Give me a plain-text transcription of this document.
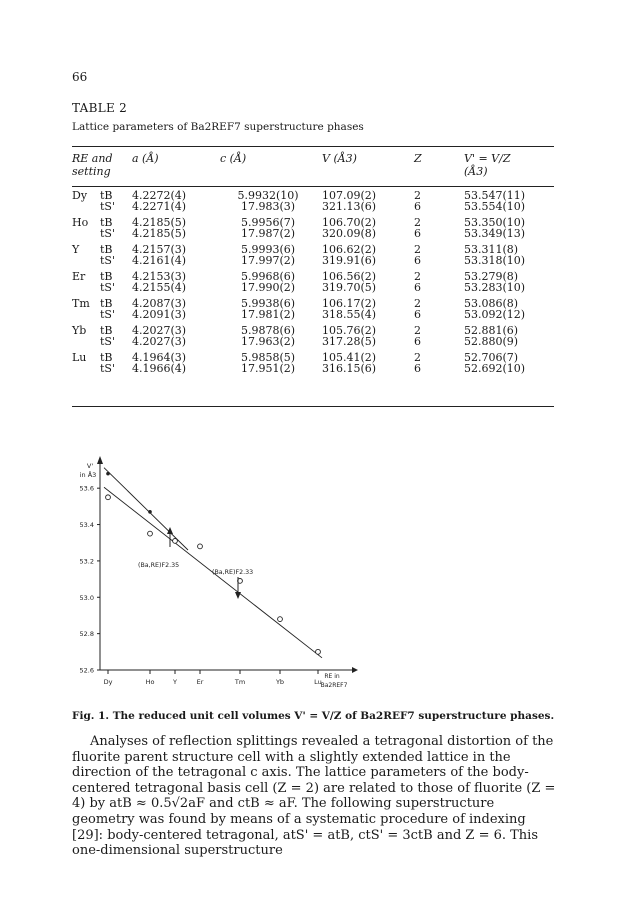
66
TABLE 2
Lattice parameters of Ba2REF7 superstructure phases
RE and
setting		a (Å)	c (Å)	V (Å3)	Z	V' = V/Z
(Å3)
Dy	tB	4.2272(4)	5.9932(10)	107.09(2)	2	53.547(11)
	tS'	4.2271(4)	17.983(3)	321.13(6)	6	53.554(10)

Ho	tB	4.2185(5)	5.9956(7)	106.70(2)	2	53.350(10)
	tS'	4.2185(5)	17.987(2)	320.09(8)	6	53.349(13)

Y	tB	4.2157(3)	5.9993(6)	106.62(2)	2	53.311(8)
	tS'	4.2161(4)	17.997(2)	319.91(6)	6	53.318(10)

Er	tB	4.2153(3)	5.9968(6)	106.56(2)	2	53.279(8)
	tS'	4.2155(4)	17.990(2)	319.70(5)	6	53.283(10)

Tm	tB	4.2087(3)	5.9938(6)	106.17(2)	2	53.086(8)
	tS'	4.2091(3)	17.981(2)	318.55(4)	6	53.092(12)

Yb	tB	4.2027(3)	5.9878(6)	105.76(2)	2	52.881(6)
	tS'	4.2027(3)	17.963(2)	317.28(5)	6	52.880(9)

Lu	tB	4.1964(3)	5.9858(5)	105.41(2)	2	52.706(7)
	tS'	4.1966(4)	17.951(2)	316.15(6)	6	52.692(10)
53.6
53.4
53.2
53.0
52.8
52.6
Dy	Ho	Y	Er	Tm	Yb	Lu
V'
in Å3
RE in
Ba2REF7
(Ba,RE)F2.35
(Ba,RE)F2.33
Fig. 1. The reduced unit cell volumes V' = V/Z of Ba2REF7 superstructure phases.

Analyses of reflection splittings revealed a tetragonal distortion of the fluorite parent structure cell with a slightly extended lattice in the direction of the tetragonal c axis. The lattice parameters of the body-centered tetragonal basis cell (Z = 2) are related to those of fluorite (Z = 4) by atB ≈ 0.5√2aF and ctB ≈ aF. The following superstructure geometry was found by means of a systematic procedure of indexing [29]: body-centered tetragonal, atS' = atB, ctS' = 3ctB and Z = 6. This one-dimensional superstructure
